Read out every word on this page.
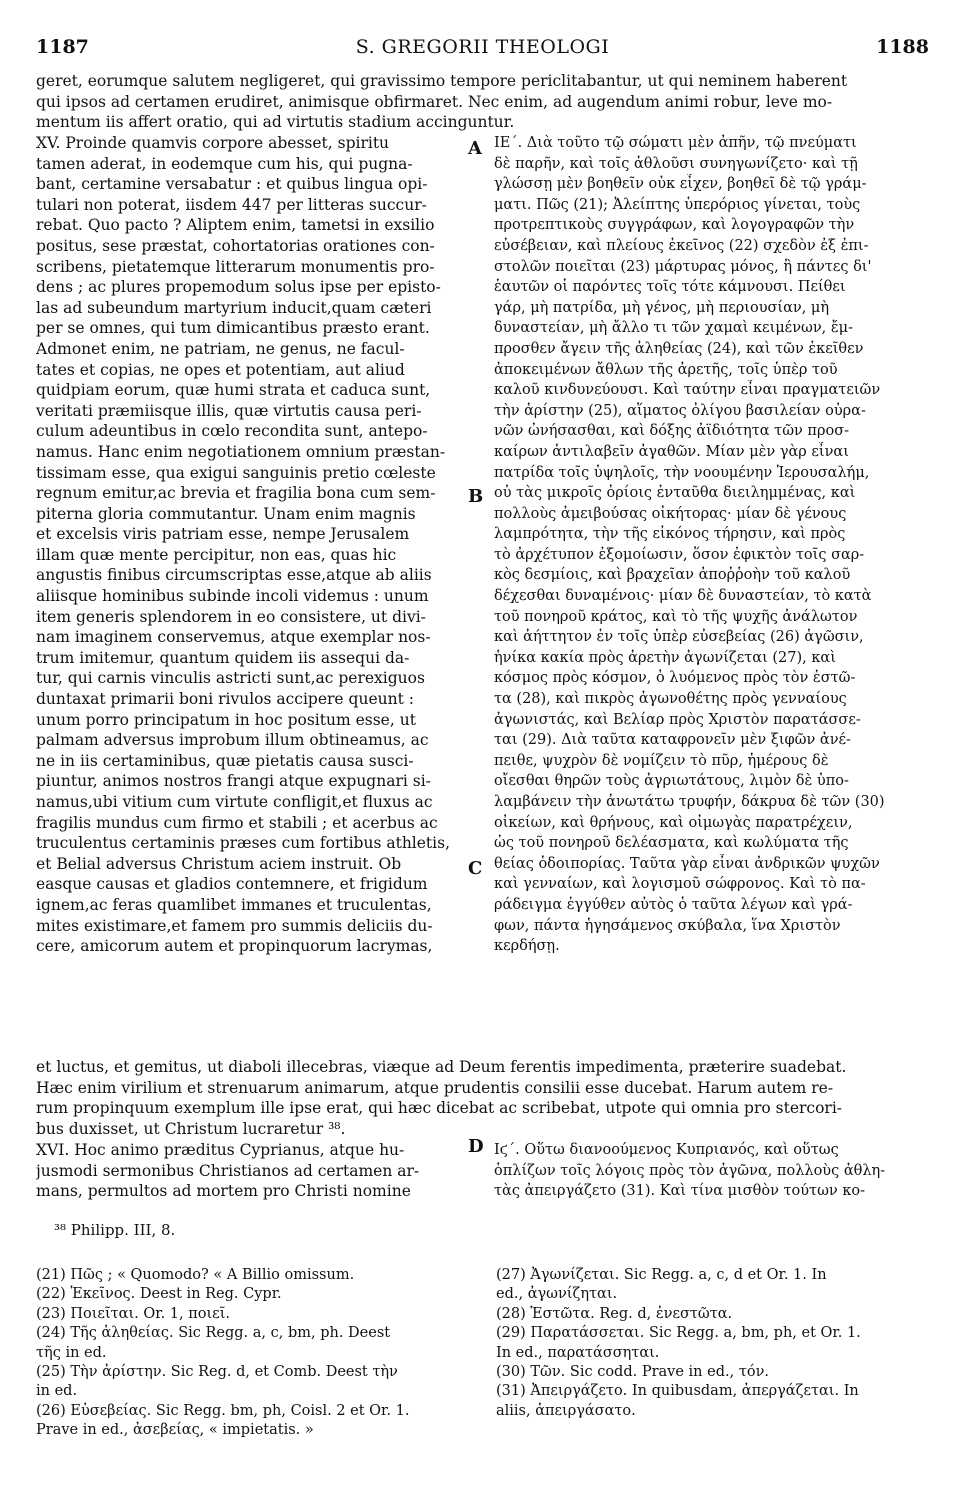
1187	S. GREGORII THEOLOGI	1188
geret, eorumque salutem negligeret, qui gravissimo tempore periclitabantur, ut qui neminem haberent
qui ipsos ad certamen erudiret, animisque obfirmaret. Nec enim, ad augendum animi robur, leve mo-
mentum iis affert oratio, qui ad virtutis stadium accinguntur.
XV. Proinde quamvis corpore abesset, spiritu
tamen aderat, in eodemque cum his, qui pugna-
bant, certamine versabatur : et quibus lingua opi-
tulari non poterat, iisdem 447 per litteras succur-
rebat. Quo pacto ? Aliptem enim, tametsi in exsilio
positus, sese præstat, cohortatorias orationes con-
scribens, pietatemque litterarum monumentis pro-
dens ; ac plures propemodum solus ipse per episto-
las ad subeundum martyrium inducit,quam cæteri
per se omnes, qui tum dimicantibus præsto erant.
Admonet enim, ne patriam, ne genus, ne facul-
tates et copias, ne opes et potentiam, aut aliud
quidpiam eorum, quæ humi strata et caduca sunt,
veritati præmiisque illis, quæ virtutis causa peri-
culum adeuntibus in cœlo recondita sunt, antepo-
namus. Hanc enim negotiationem omnium præstan-
tissimam esse, qua exigui sanguinis pretio cœleste
regnum emitur,ac brevia et fragilia bona cum sem-
piterna gloria commutantur. Unam enim magnis
et excelsis viris patriam esse, nempe Jerusalem
illam quæ mente percipitur, non eas, quas hic
angustis finibus circumscriptas esse,atque ab aliis
aliisque hominibus subinde incoli videmus : unum
item generis splendorem in eo consistere, ut divi-
nam imaginem conservemus, atque exemplar nos-
trum imitemur, quantum quidem iis assequi da-
tur, qui carnis vinculis astricti sunt,ac perexiguos
duntaxat primarii boni rivulos accipere queunt :
unum porro principatum in hoc positum esse, ut
palmam adversus improbum illum obtineamus, ac
ne in iis certaminibus, quæ pietatis causa susci-
piuntur, animos nostros frangi atque expugnari si-
namus,ubi vitium cum virtute confligit,et fluxus ac
fragilis mundus cum firmo et stabili ; et acerbus ac
truculentus certaminis præses cum fortibus athletis,
et Belial adversus Christum aciem instruit. Ob
easque causas et gladios contemnere, et frigidum
ignem,ac feras quamlibet immanes et truculentas,
mites existimare,et famem pro summis deliciis du-
cere, amicorum autem et propinquorum lacrymas,
ΙΕ΄. Διὰ τοῦτο τῷ σώματι μὲν ἀπῆν, τῷ πνεύματι
δὲ παρῆν, καὶ τοῖς ἀθλοῦσι συνηγωνίζετο· καὶ τῇ
γλώσσῃ μὲν βοηθεῖν οὐκ εἶχεν, βοηθεῖ δὲ τῷ γράμ-
ματι. Πῶς (21); Ἀλείπτης ὑπερόριος γίνεται, τοὺς
προτρεπτικοὺς συγγράφων, καὶ λογογραφῶν τὴν
εὐσέβειαν, καὶ πλείους ἐκεῖνος (22) σχεδὸν ἐξ ἐπι-
στολῶν ποιεῖται (23) μάρτυρας μόνος, ἢ πάντες δι'
ἑαυτῶν οἱ παρόντες τοῖς τότε κάμνουσι. Πείθει
γάρ, μὴ πατρίδα, μὴ γένος, μὴ περιουσίαν, μὴ
δυναστείαν, μὴ ἄλλο τι τῶν χαμαὶ κειμένων, ἔμ-
προσθεν ἄγειν τῆς ἀληθείας (24), καὶ τῶν ἐκεῖθεν
ἀποκειμένων ἄθλων τῆς ἀρετῆς, τοῖς ὑπὲρ τοῦ
καλοῦ κινδυνεύουσι. Καὶ ταύτην εἶναι πραγματειῶν
τὴν ἀρίστην (25), αἵματος ὀλίγου βασιλείαν οὐρα-
νῶν ὠνήσασθαι, καὶ δόξης ἀϊδιότητα τῶν προσ-
καίρων ἀντιλαβεῖν ἀγαθῶν. Μίαν μὲν γὰρ εἶναι
πατρίδα τοῖς ὑψηλοῖς, τὴν νοουμένην Ἱερουσαλήμ,
οὐ τὰς μικροῖς ὁρίοις ἐνταῦθα διειλημμένας, καὶ
πολλοὺς ἀμειβούσας οἰκήτορας· μίαν δὲ γένους
λαμπρότητα, τὴν τῆς εἰκόνος τήρησιν, καὶ πρὸς
τὸ ἀρχέτυπον ἐξομοίωσιν, ὅσον ἐφικτὸν τοῖς σαρ-
κὸς δεσμίοις, καὶ βραχεῖαν ἀποῤῥοὴν τοῦ καλοῦ
δέχεσθαι δυναμένοις· μίαν δὲ δυναστείαν, τὸ κατὰ
τοῦ πονηροῦ κράτος, καὶ τὸ τῆς ψυχῆς ἀνάλωτον
καὶ ἀήττητον ἐν τοῖς ὑπὲρ εὐσεβείας (26) ἀγῶσιν,
ἡνίκα κακία πρὸς ἀρετὴν ἀγωνίζεται (27), καὶ
κόσμος πρὸς κόσμον, ὁ λυόμενος πρὸς τὸν ἑστῶ-
τα (28), καὶ πικρὸς ἀγωνοθέτης πρὸς γενναίους
ἀγωνιστάς, καὶ Βελίαρ πρὸς Χριστὸν παρατάσσε-
ται (29). Διὰ ταῦτα καταφρονεῖν μὲν ξιφῶν ἀνέ-
πειθε, ψυχρὸν δὲ νομίζειν τὸ πῦρ, ἡμέρους δὲ
οἴεσθαι θηρῶν τοὺς ἀγριωτάτους, λιμὸν δὲ ὑπο-
λαμβάνειν τὴν ἀνωτάτω τρυφήν, δάκρυα δὲ τῶν (30)
οἰκείων, καὶ θρήνους, καὶ οἰμωγὰς παρατρέχειν,
ὡς τοῦ πονηροῦ δελέασματα, καὶ κωλύματα τῆς
θείας ὁδοιπορίας. Ταῦτα γὰρ εἶναι ἀνδρικῶν ψυχῶν
καὶ γενναίων, καὶ λογισμοῦ σώφρονος. Καὶ τὸ πα-
ράδειγμα ἐγγύθεν αὐτὸς ὁ ταῦτα λέγων καὶ γρά-
φων, πάντα ἡγησάμενος σκύβαλα, ἵνα Χριστὸν
κερδήσῃ.
A
B
C
D
et luctus, et gemitus, ut diaboli illecebras, viæque ad Deum ferentis impedimenta, præterire suadebat.
Hæc enim virilium et strenuarum animarum, atque prudentis consilii esse ducebat. Harum autem re-
rum propinquum exemplum ille ipse erat, qui hæc dicebat ac scribebat, utpote qui omnia pro stercori-
bus duxisset, ut Christum lucraretur ³⁸.
XVI. Hoc animo præditus Cyprianus, atque hu-
jusmodi sermonibus Christianos ad certamen ar-
mans, permultos ad mortem pro Christi nomine
Ιϛ΄. Οὕτω διανοούμενος Κυπριανός, καὶ οὕτως
ὁπλίζων τοῖς λόγοις πρὸς τὸν ἀγῶνα, πολλοὺς ἀθλη-
τὰς ἀπειργάζετο (31). Καὶ τίνα μισθὸν τούτων κο-
³⁸ Philipp. III, 8.
(21) Πῶς ; « Quomodo? « A Billio omissum.
(22) Ἐκεῖνος. Deest in Reg. Cypr.
(23) Ποιεῖται. Or. 1, ποιεῖ.
(24) Τῆς ἀληθείας. Sic Regg. a, c, bm, ph. Deest
τῆς in ed.
(25) Τὴν ἀρίστην. Sic Reg. d, et Comb. Deest τὴν
in ed.
(26) Εὐσεβείας. Sic Regg. bm, ph, Coisl. 2 et Or. 1.
Prave in ed., ἀσεβείας, « impietatis. »
(27) Ἀγωνίζεται. Sic Regg. a, c, d et Or. 1. In
ed., ἀγωνίζηται.
(28) Ἑστῶτα. Reg. d, ἐνεστῶτα.
(29) Παρατάσσεται. Sic Regg. a, bm, ph, et Or. 1.
In ed., παρατάσσηται.
(30) Τῶν. Sic codd. Prave in ed., τόν.
(31) Ἀπειργάζετο. In quibusdam, ἀπεργάζεται. In
aliis, ἀπειργάσατο.
